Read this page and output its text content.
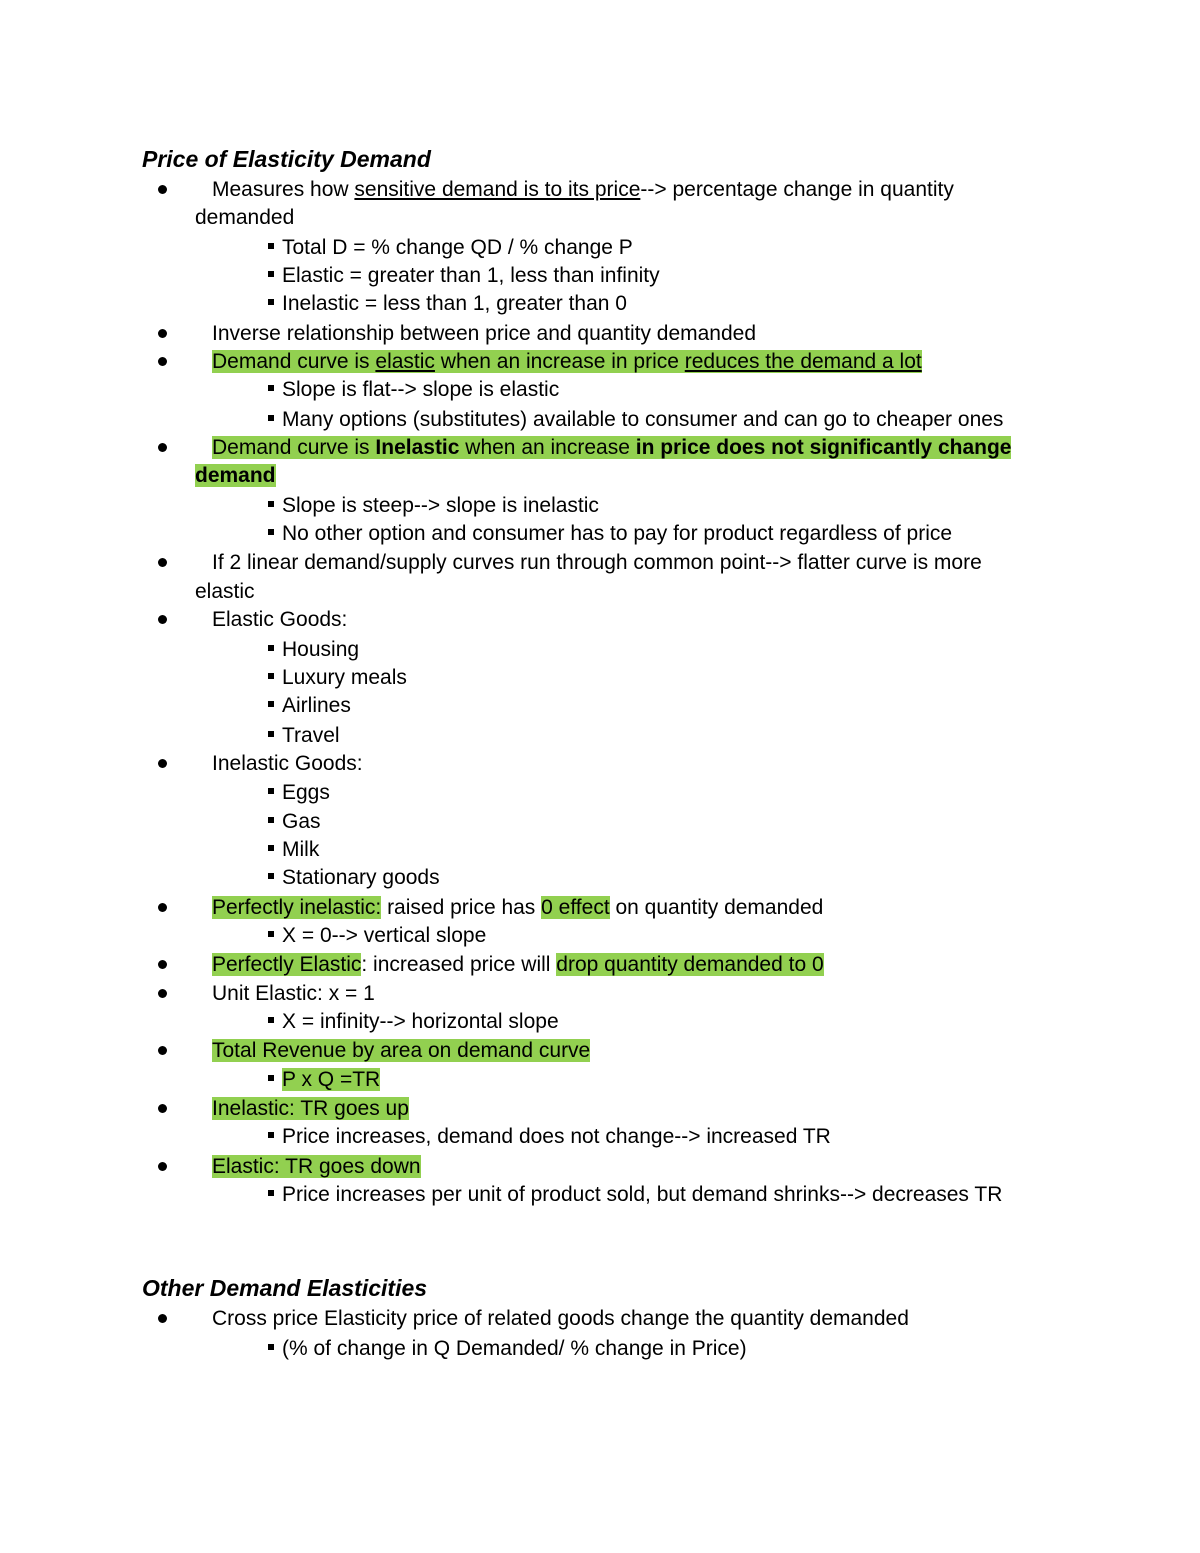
Price of Elasticity Demand
Measures how sensitive demand is to its price--> percentage change in quantity
demanded
Total D = % change QD / % change P
Elastic = greater than 1, less than infinity
Inelastic = less than 1, greater than 0
Inverse relationship between price and quantity demanded
Demand curve is elastic when an increase in price reduces the demand a lot
Slope is flat--> slope is elastic
Many options (substitutes) available to consumer and can go to cheaper ones
Demand curve is Inelastic when an increase in price does not significantly change
demand
Slope is steep--> slope is inelastic
No other option and consumer has to pay for product regardless of price
If 2 linear demand/supply curves run through common point--> flatter curve is more
elastic
Elastic Goods:
Housing
Luxury meals
Airlines
Travel
Inelastic Goods:
Eggs
Gas
Milk
Stationary goods
Perfectly inelastic: raised price has 0 effect on quantity demanded
X = 0--> vertical slope
Perfectly Elastic: increased price will drop quantity demanded to 0
Unit Elastic: x = 1
X = infinity--> horizontal slope
Total Revenue by area on demand curve
P x Q =TR
Inelastic: TR goes up
Price increases, demand does not change--> increased TR
Elastic: TR goes down
Price increases per unit of product sold, but demand shrinks--> decreases TR
Other Demand Elasticities
Cross price Elasticity price of related goods change the quantity demanded
(% of change in Q Demanded/ % change in Price)
